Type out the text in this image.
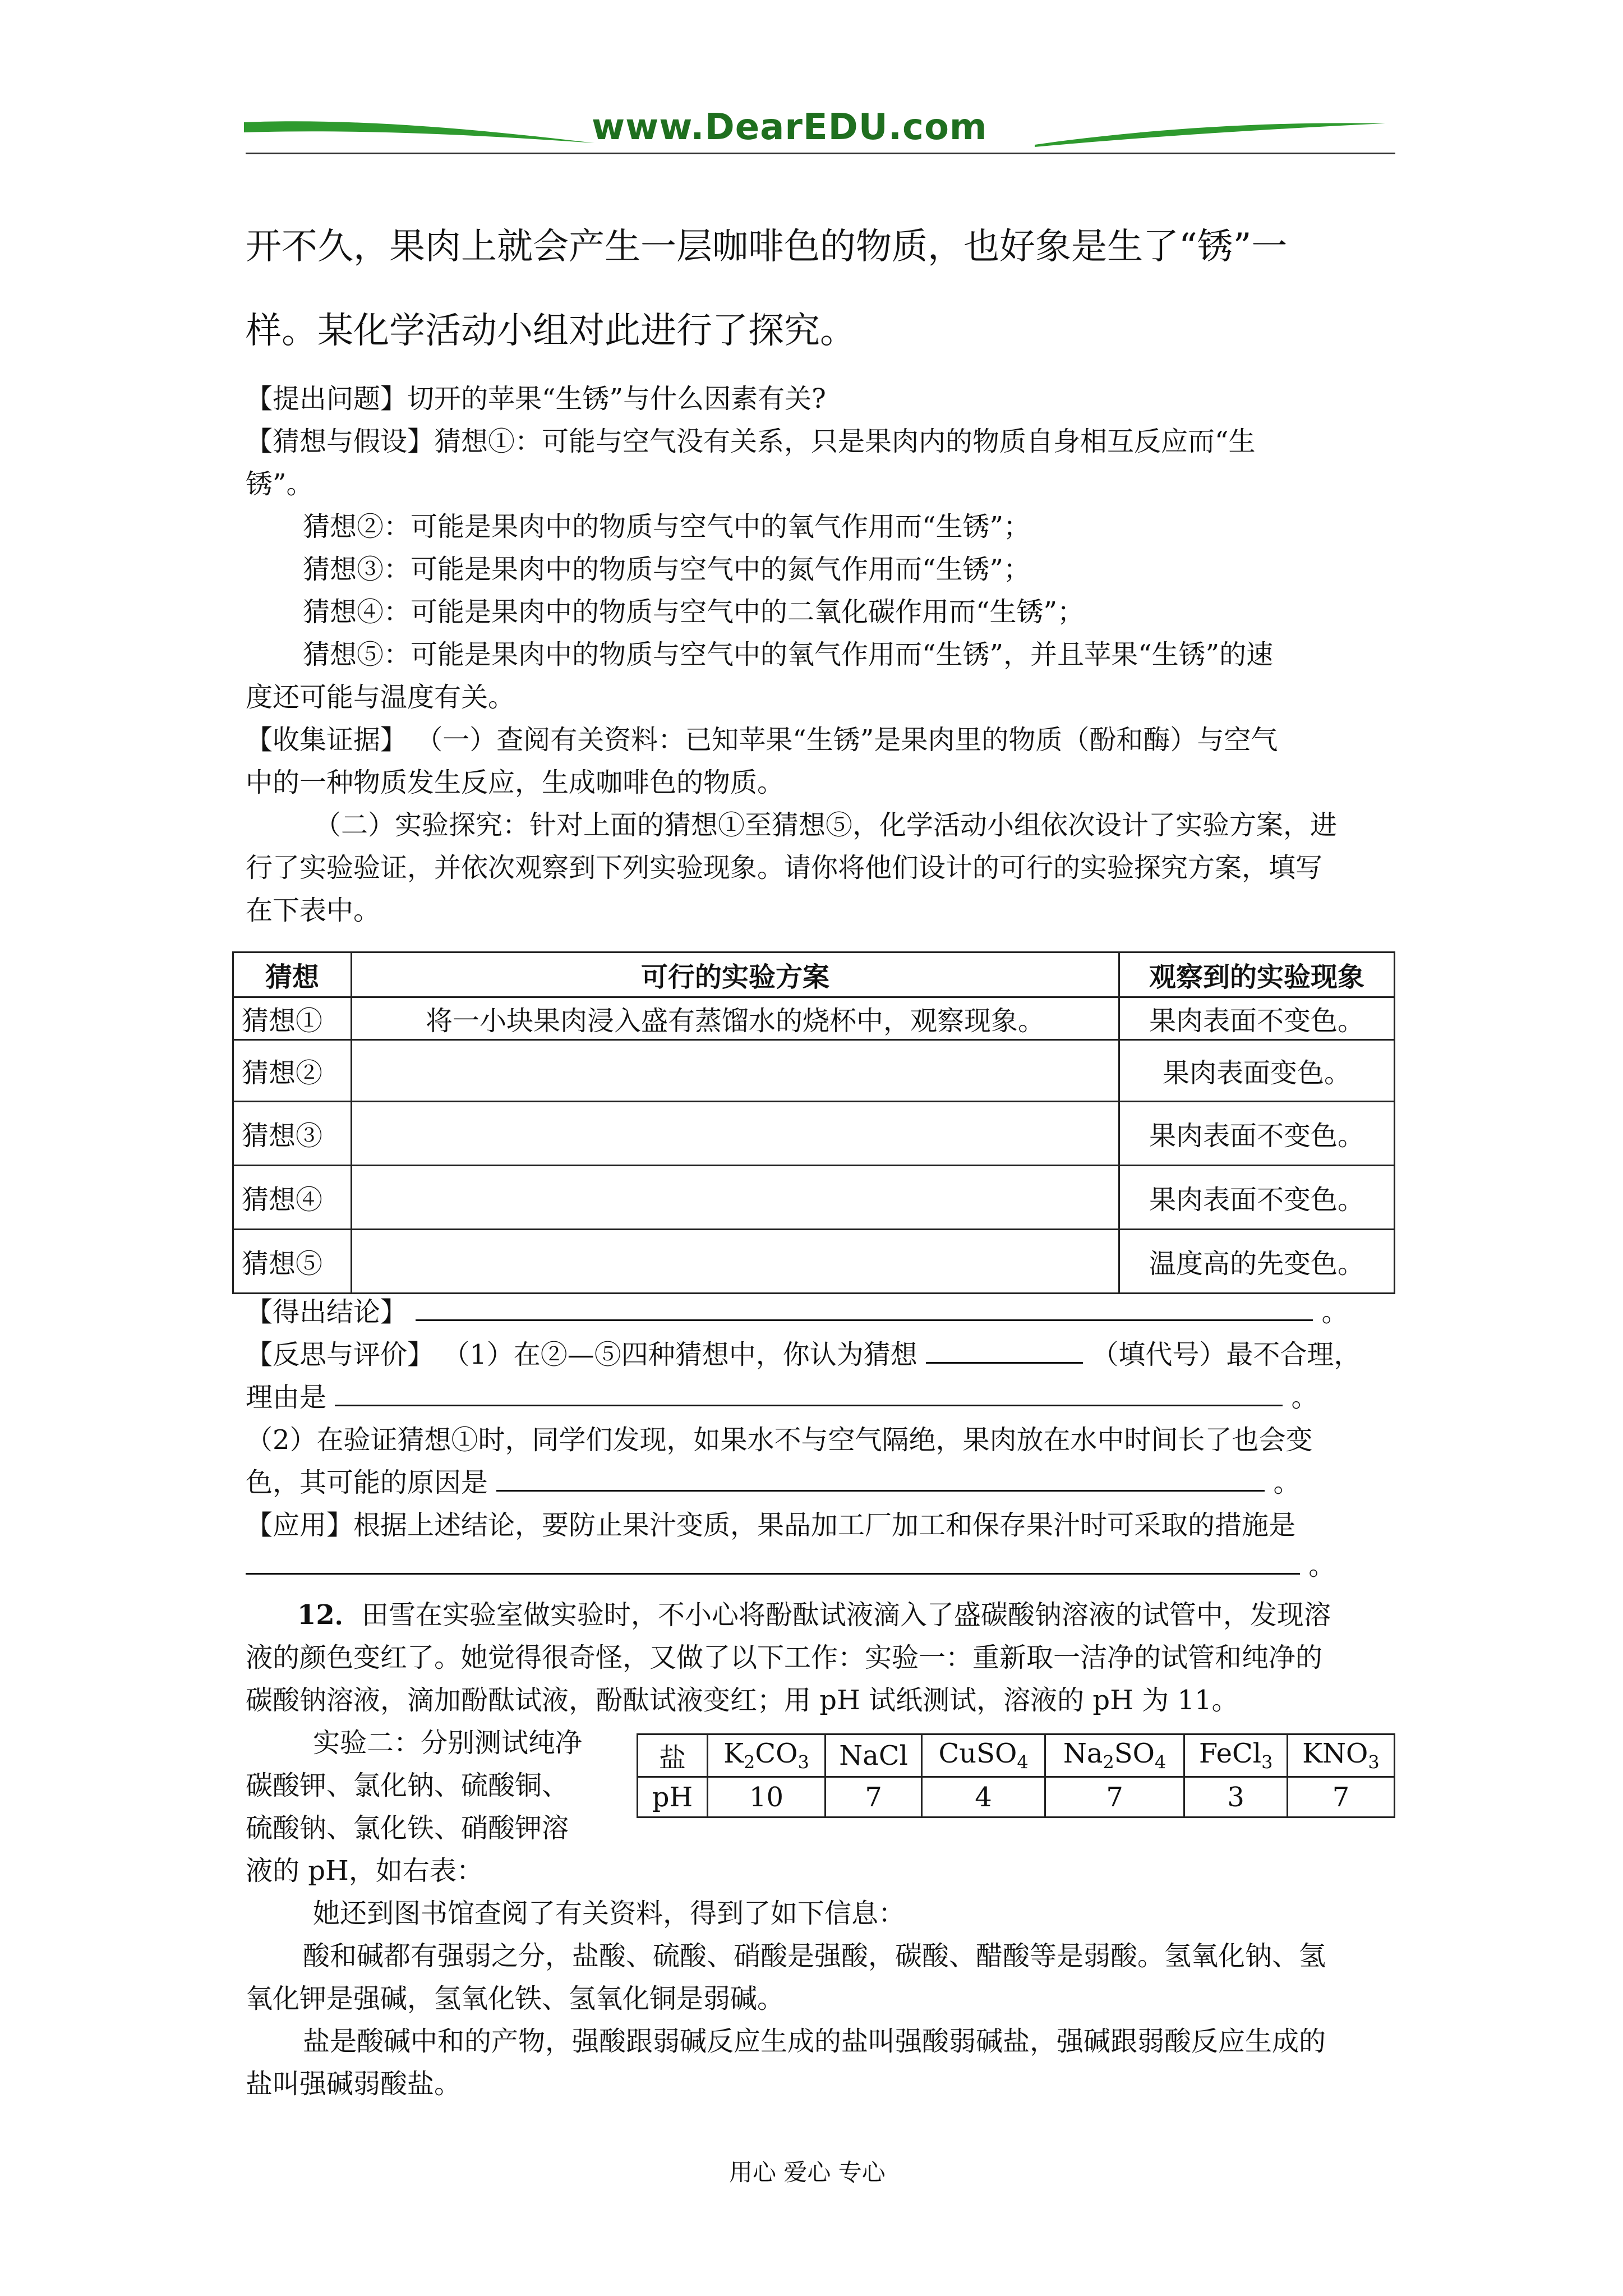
www.DearEDU.com
开不久，果肉上就会产生一层咖啡色的物质，也好象是生了“锈”一
样。某化学活动小组对此进行了探究。
【提出问题】切开的苹果“生锈”与什么因素有关?
【猜想与假设】猜想①：可能与空气没有关系，只是果肉内的物质自身相互反应而“生
锈”。
猜想②：可能是果肉中的物质与空气中的氧气作用而“生锈”；
猜想③：可能是果肉中的物质与空气中的氮气作用而“生锈”；
猜想④：可能是果肉中的物质与空气中的二氧化碳作用而“生锈”；
猜想⑤：可能是果肉中的物质与空气中的氧气作用而“生锈”，并且苹果“生锈”的速
度还可能与温度有关。
【收集证据】 （一）查阅有关资料：已知苹果“生锈”是果肉里的物质（酚和酶）与空气
中的一种物质发生反应，生成咖啡色的物质。
（二）实验探究：针对上面的猜想①至猜想⑤，化学活动小组依次设计了实验方案，进
行了实验验证，并依次观察到下列实验现象。请你将他们设计的可行的实验探究方案，填写
在下表中。
猜想	可行的实验方案	观察到的实验现象
猜想①	将一小块果肉浸入盛有蒸馏水的烧杯中，观察现象。	果肉表面不变色。
猜想②		果肉表面变色。
猜想③		果肉表面不变色。
猜想④		果肉表面不变色。
猜想⑤		温度高的先变色。
【得出结论】	。
【反思与评价】 （1）在②—⑤四种猜想中，你认为猜想	（填代号）最不合理，
理由是	。
（2）在验证猜想①时，同学们发现，如果水不与空气隔绝，果肉放在水中时间长了也会变
色，其可能的原因是	。
【应用】根据上述结论，要防止果汁变质，果品加工厂加工和保存果汁时可采取的措施是
。
12．田雪在实验室做实验时，不小心将酚酞试液滴入了盛碳酸钠溶液的试管中，发现溶
液的颜色变红了。她觉得很奇怪，又做了以下工作：实验一：重新取一洁净的试管和纯净的
碳酸钠溶液，滴加酚酞试液，酚酞试液变红；用 pH 试纸测试，溶液的 pH 为 11。
实验二：分别测试纯净
碳酸钾、氯化钠、硫酸铜、
硫酸钠、氯化铁、硝酸钾溶
液的 pH，如右表：
盐	$K_2CO_3$	NaCl	CuSO$_4$	$Na_2SO_4$	FeCl$_3$	$KNO_3$
pH	10	7	4	7	3	7
她还到图书馆查阅了有关资料，得到了如下信息：
酸和碱都有强弱之分，盐酸、硫酸、硝酸是强酸，碳酸、醋酸等是弱酸。氢氧化钠、氢
氧化钾是强碱，氢氧化铁、氢氧化铜是弱碱。
盐是酸碱中和的产物，强酸跟弱碱反应生成的盐叫强酸弱碱盐，强碱跟弱酸反应生成的
盐叫强碱弱酸盐。
用心 爱心 专心
